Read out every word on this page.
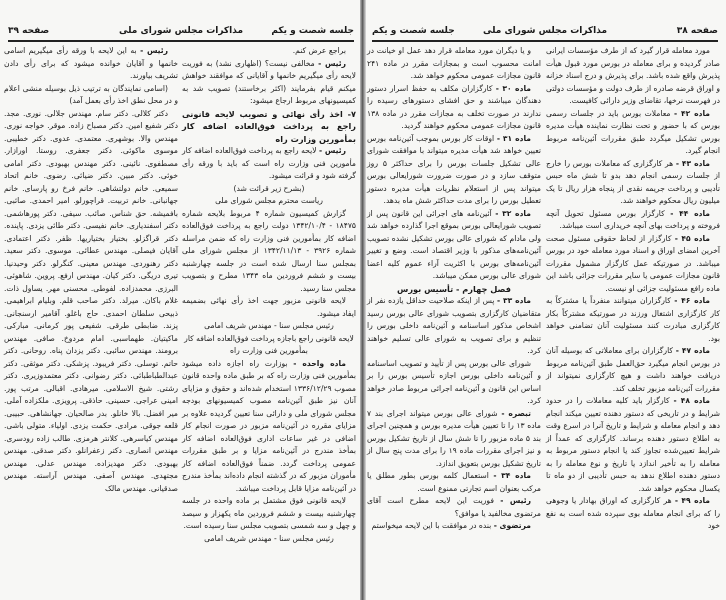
جلسه شصت و یکم
مذاکرات مجلس شورای ملی
صفحه ۳۹

براجع عرض کنم.

رئیس - مخالفی نیست؟ (اظهاری نشد) به فوریت لایحه رأی میگیریم خانمها و آقایانی که موافقند خواهش میکنم قیام بفرمایند (اکثر برخاستند) تصویب شد به کمیسیونهای مربوط ارجاع میشود:

۷- اخذ رأی نهائی و تصویب لایحه قانونی راجع به پرداخت فوق‌العاده اضافه کار بمأمورین وزارت راه

رئیس - لایحه راجع به پرداخت فوق‌العاده اضافه کار مأمورین فنی وزارت راه است که باید با ورقه رأی گرفته شود و قرائت میشود.

(بشرح زیر قرائت شد)

ریاست محترم مجلس شورای ملی

گزارش کمیسیون شماره ۴ مربوط بلایحه شماره ۱۸۴۷۵ - ۱۳۴۲/۱۰/۴ دولت راجع به پرداخت فوق‌العاده اضافه کار بمأمورین فنی وزارت راه که ضمن مراسله شماره ۳۹۲۶ - ۱۳۴۲/۱۱/۱۳ از مجلس شورای ملی بمجلس سنا ارسال شده است در جلسه چهارشنبه بیست و ششم فروردین ماه ۱۳۴۳ مطرح و بتصویب مجلس سنا رسید.

لایحه قانونی مزبور جهت اخذ رأی نهائی بضمیمه ایفاد میشود.

رئیس مجلس سنا - مهندس شریف امامی

لایحه قانونی راجع باجازه پرداخت فوق‌العاده اضافه کار بمأمورین فنی وزارت راه

ماده واحده - بوزارت راه اجازه داده میشود بمأمورین فنی وزارت راه که بر طبق ماده واحده قانون مصوب ۱۳۳۶/۱۲/۲۹ استخدام شده‌اند و حقوق و مزایای آنان نیز طبق آئین‌نامه مصوب کمیسیونهای بودجه مجلس شورای ملی و دارائی سنا تعیین گردیده علاوه بر مزایای مقرره در آئین‌نامه مزبور در صورت انجام کار اضافی در غیر ساعات اداری فوق‌العاده اضافه کار بمأخذ مندرج در آئین‌نامه مزایا و بر طبق مقررات عمومی پرداخت گردد. ضمناً فوق‌العاده اضافه کار مأموران مزبور که در گذشته انجام داده‌اند بمأخذ مندرج در آئین‌نامه مزایا قابل پرداخت میباشد.

لایحه قانونی فوق مشتمل بر ماده واحده در جلسه چهارشنبه بیست و ششم فروردین ماه یکهزار و سیصد و چهل و سه شمسی بتصویب مجلس سنا رسیده است.

رئیس مجلس سنا - مهندس شریف امامی

رئیس - به این لایحه با ورقه رأی میگیریم اسامی خانمها و آقایان خوانده میشود که برای رأی دادن تشریف بیاورند.

(اسامی نمایندگان به ترتیب ذیل بوسیله منشی اعلام و در محل نطق اخذ رأی بعمل آمد)

دکتر کلالی. دکتر سام. مهندس جلالی. نوری. مجد. دکتر شفیع امین. دکتر مصباح زاده. موقر. خواجه نوری. مهندس والا. بوشهری. معتمدی. عدوی. دکتر خطیبی. موسوی ماکوئی. دکتر جعفری. روستا. اورازار. مصطفوی. نائینی. دکتر مهندس بهبودی. دکتر امامی خوئی. دکتر مبین. دکتر ضیائی. رضوی. خانم اتحاد سمیعی. خانم دولتشاهی. خانم فرخ رو پارسای. خانم جهانبانی. خانم تربیت. قراچورلو. امیر احمدی. صائبی. بافمیشه. حق شناس. صائب. سیفی. دکتر پورهاشمی. دکتر اسفندیاری. خانم نفیسی. دکتر طائی یزدی. پاینده. دکتر قراگزلو. بختیار بختیاریها. ظفر. دکتر اعتمادی. آقایان فیصلی. مهندس عطائی. موسوی. دکتر سعید. دکتر رهنوردی. مهندس معینی. کنگرلو. دکتر وحیدنیا. تیری دریگی. دکتر کیان. مهندس ارفع. پروین. شاهوئی. البرزی. محمدزاده. لفوطی. محسنی مهر. یساول ذات. غلام باکان. میرلد. دکتر صاحب قلم. وبلیام ابراهیمی. ذبیحی سلطان احمدی. حاج باغلو. آقامیر ارسنجانی. پزند. ضابطی طرقی. شفیعی پور کرمانی. مبارکی. ماکیتیان. طهماسبی. امام مردوخ. صافی. مهندس برومند. مهندس سائبی. دکتر یزدان پناه. روحانی. دکتر حاتم. توسلی. دکتر فریبود. پزشکی. دکتر موثقی. دکتر عبدالطباطبائی. دکتر رضوانی. دکتر معتمدوزیری. دکتر رشتی. شیخ الاسلامی. میرهادی. اقبالی. مرتب پور. امینی عراجی. حسینی. حاذقی. پرویزی. ملکزاده آملی. میر افضل. بالا خانلو. بدر صالحیان. جهانشاهی. حبیبی. قلعه جوقی. مرادی. حکمت یزدی. اولیاء. متولی باشی. مهندس کیاسرهی. کلانتر هرمزی. طالب زاده رودسری. مهندس انصاری. دکتر زعفرانلو. دکتر صدقی. مهندس بهبودی. دکتر مهدیزاده. مهندس عدلی. مهندس مجتهدی. مهندس آصفی. مهندس آراسته. مهندس صدقیانی. مهندس مالک

صفحه ۳۸
مذاکرات مجلس شورای ملی
جلسه شصت و یکم

مورد معامله قرار گیرد که از طرف مؤسسات ایرانی صادر گردیده و برای معامله در بورس مورد قبول هیأت پذیرش واقع شده باشد. برای پذیرش و درج اسناد خزانه و اوراق قرضه صادره از طرف دولت و مؤسسات دولتی در فهرست نرخها، تقاضای وزیر دارائی کافیست.

ماده ۴۲ - معاملات بورس باید در جلسات رسمی بورس که با حضور و تحت نظارت نماینده هیأت مدیره بورس تشکیل میگردد طبق مقررات آئین‌نامه مربوط انجام گیرد.

ماده ۴۳ - هر کارگزاری که معاملات بورس را خارج از جلسات رسمی انجام دهد بدو تا شش ماه حبس تأدیبی و پرداخت جریمه نقدی از پنجاه هزار ریال تا یک میلیون ریال محکوم خواهند شد.

ماده ۴۴ - کارگزار بورس مسئول تحویل آنچه فروخته و پرداخت بهای آنچه خریداری است میباشد.

ماده ۴۵ - کارگزار از لحاظ حقوقی مسئول صحت آخرین امضای اوراق و اسناد مورد معامله خود در بورس میباشد. در صورتیکه عمل کارگزار مشمول مقررات قانون مجازات عمومی یا سایر مقررات جزائی باشد این ماده رافع مسئولیت جزائی او نیست.

ماده ۴۶ - کارگزاران میتوانند منفرداً یا مشترکاً به کار کارگزاری اشتغال ورزند در صورتیکه مشترکاً بکار کارگزاری مبادرت کنند مسئولیت آنان تضامنی خواهد بود.

ماده ۴۷ - کارگزاران برای معاملاتی که بوسیله آنان در بورس انجام میگیرد حق‌العمل طبق آئین‌نامه مربوط دریافت خواهند داشت و هیچ کارگزاری نمیتواند از مقررات آئین‌نامه مزبور تخلف کند.

ماده ۴۸ - کارگزار باید کلیه معاملات را در حدود شرایط و در تاریخی که دستور دهنده تعیین میکند انجام دهد و انجام معامله و شرایط و تاریخ آنرا در اسرع وقت به اطلاع دستور دهنده برساند. کارگزاری که عمداً از شرایط تعیین‌شده تجاوز کند یا انجام دستور مربوط به معامله را به تأخیر اندازد یا تاریخ و نوع معامله را به دستور دهنده اطلاع ندهد به حبس تأدیبی از دو ماه تا یکسال محکوم خواهد شد.

ماده ۴۹ - هر کارگزاری که اوراق بهادار یا وجوهی را که برای انجام معامله بوی سپرده شده است به نفع خود

و یا دیگران مورد معامله قرار دهد عمل او خیانت در امانت محسوب است و بمجازات مقرر در ماده ۲۴۱ قانون مجازات عمومی محکوم خواهد شد.

ماده ۳۰ - کارگزاران مکلف به حفظ اسرار دستور دهندگان میباشند و حق افشای دستورهای رسیده را ندارند در صورت تخلف به مجازات مقرر در ماده ۱۳۸ قانون مجازات عمومی محکوم خواهند گردید.

ماده ۳۱ - اوقات کار بورس بموجب آئین‌نامه بورس تعیین خواهد شد هیأت مدیره میتواند با موافقت شورای عالی تشکیل جلسات بورس را برای حداکثر ۵ روز متوقف سازد و در صورت ضرورت شورایعالی بورس میتواند پس از استعلام نظریات هیأت مدیره دستور تعطیل بورس را برای مدت حداکثر شش ماه بدهد.

ماده ۳۲ - آئین‌نامه های اجرائی این قانون پس از تصویب شورایعالی بورس بموقع اجرا گذارده خواهد شد ولی مادام که شورای عالی بورس تشکیل نشده تصویب آئین‌نامه‌های مذکور با وزیر اقتصاد است. وضع و تغییر آئین‌نامه‌های بورس با اکثریت آراء عموم کلیه اعضا شورای عالی بورس ممکن میباشد.

فصل چهارم - تأسیس بورس

ماده ۳۳ - پس از اینکه صلاحیت حداقل یازده نفر از متقاضیان کارگزاری بتصویب شورای عالی بورس رسید اشخاص مذکور اساسنامه و آئین‌نامه داخلی بورس را تنظیم و برای تصویب به شورای عالی تسلیم خواهند کرد.

شورای عالی بورس پس از تأیید و تصویب اساسنامه و آئین‌نامه داخلی بورس اجازه تأسیس بورس را بر اساس این قانون و آئین‌نامه اجرائی مربوط صادر خواهد کرد.

تبصره - شورای عالی بورس میتواند اجرای بند ۷ ماده ۱۳ را تا تعیین هیأت مدیره بورس و همچنین اجرای بند ۵ ماده مزبور را تا شش سال از تاریخ تشکیل بورس و نیز اجرای مقررات ماده ۱۹ را برای مدت پنج سال از تاریخ تشکیل بورس بتعویق اندازد.

ماده ۳۴ - استعمال کلمه بورس بطور مطلق یا مرکب بعنوان اسم تجارتی ممنوع است.

رئیس - فوریت این لایحه مطرح است آقای مرتضوی مخالفید یا موافق؟

مرتضوی - بنده در موافقت با این لایحه میخواستم
